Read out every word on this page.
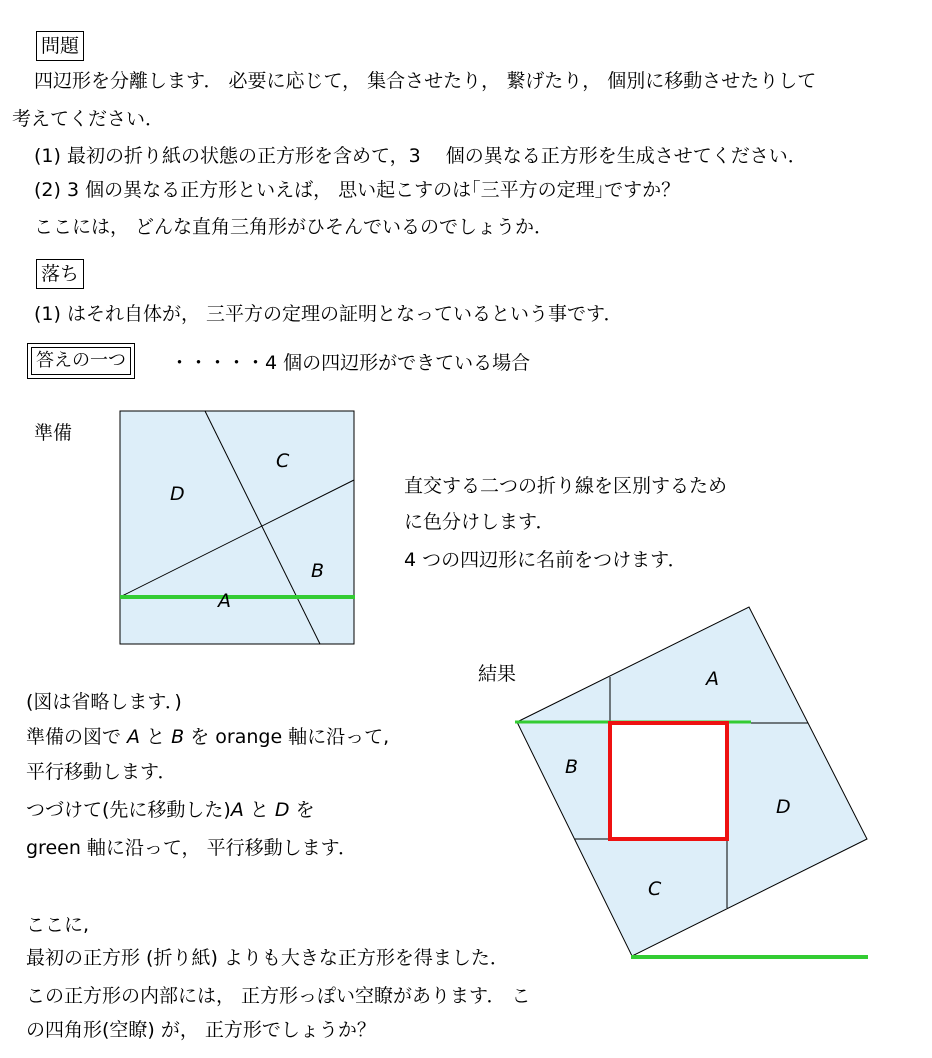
問題
四辺形を分離します． 必要に応じて， 集合させたり， 繋げたり， 個別に移動させたりして
考えてください．
(1) 最初の折り紙の状態の正方形を含めて，3　 個の異なる正方形を生成させてください．
(2) 3 個の異なる正方形といえば， 思い起こすのは｢三平方の定理｣ですか？
ここには， どんな直角三角形がひそんでいるのでしょうか．
落ち
(1) はそれ自体が， 三平方の定理の証明となっているという事です．
答えの一つ ・・・・・4 個の四辺形ができている場合
準備
直交する二つの折り線を区別するため
に色分けします．
4 つの四辺形に名前をつけます．
結果
(図は省略します．)
準備の図で A と B を orange 軸に沿って,
平行移動します．
つづけて(先に移動した)A と D を
green 軸に沿って， 平行移動します．
ここに,
最初の正方形 (折り紙) よりも大きな正方形を得ました．
この正方形の内部には， 正方形っぽい空瞭があります． こ
の四角形(空瞭) が， 正方形でしょうか？
C
D
B
A
A
B
D
C
